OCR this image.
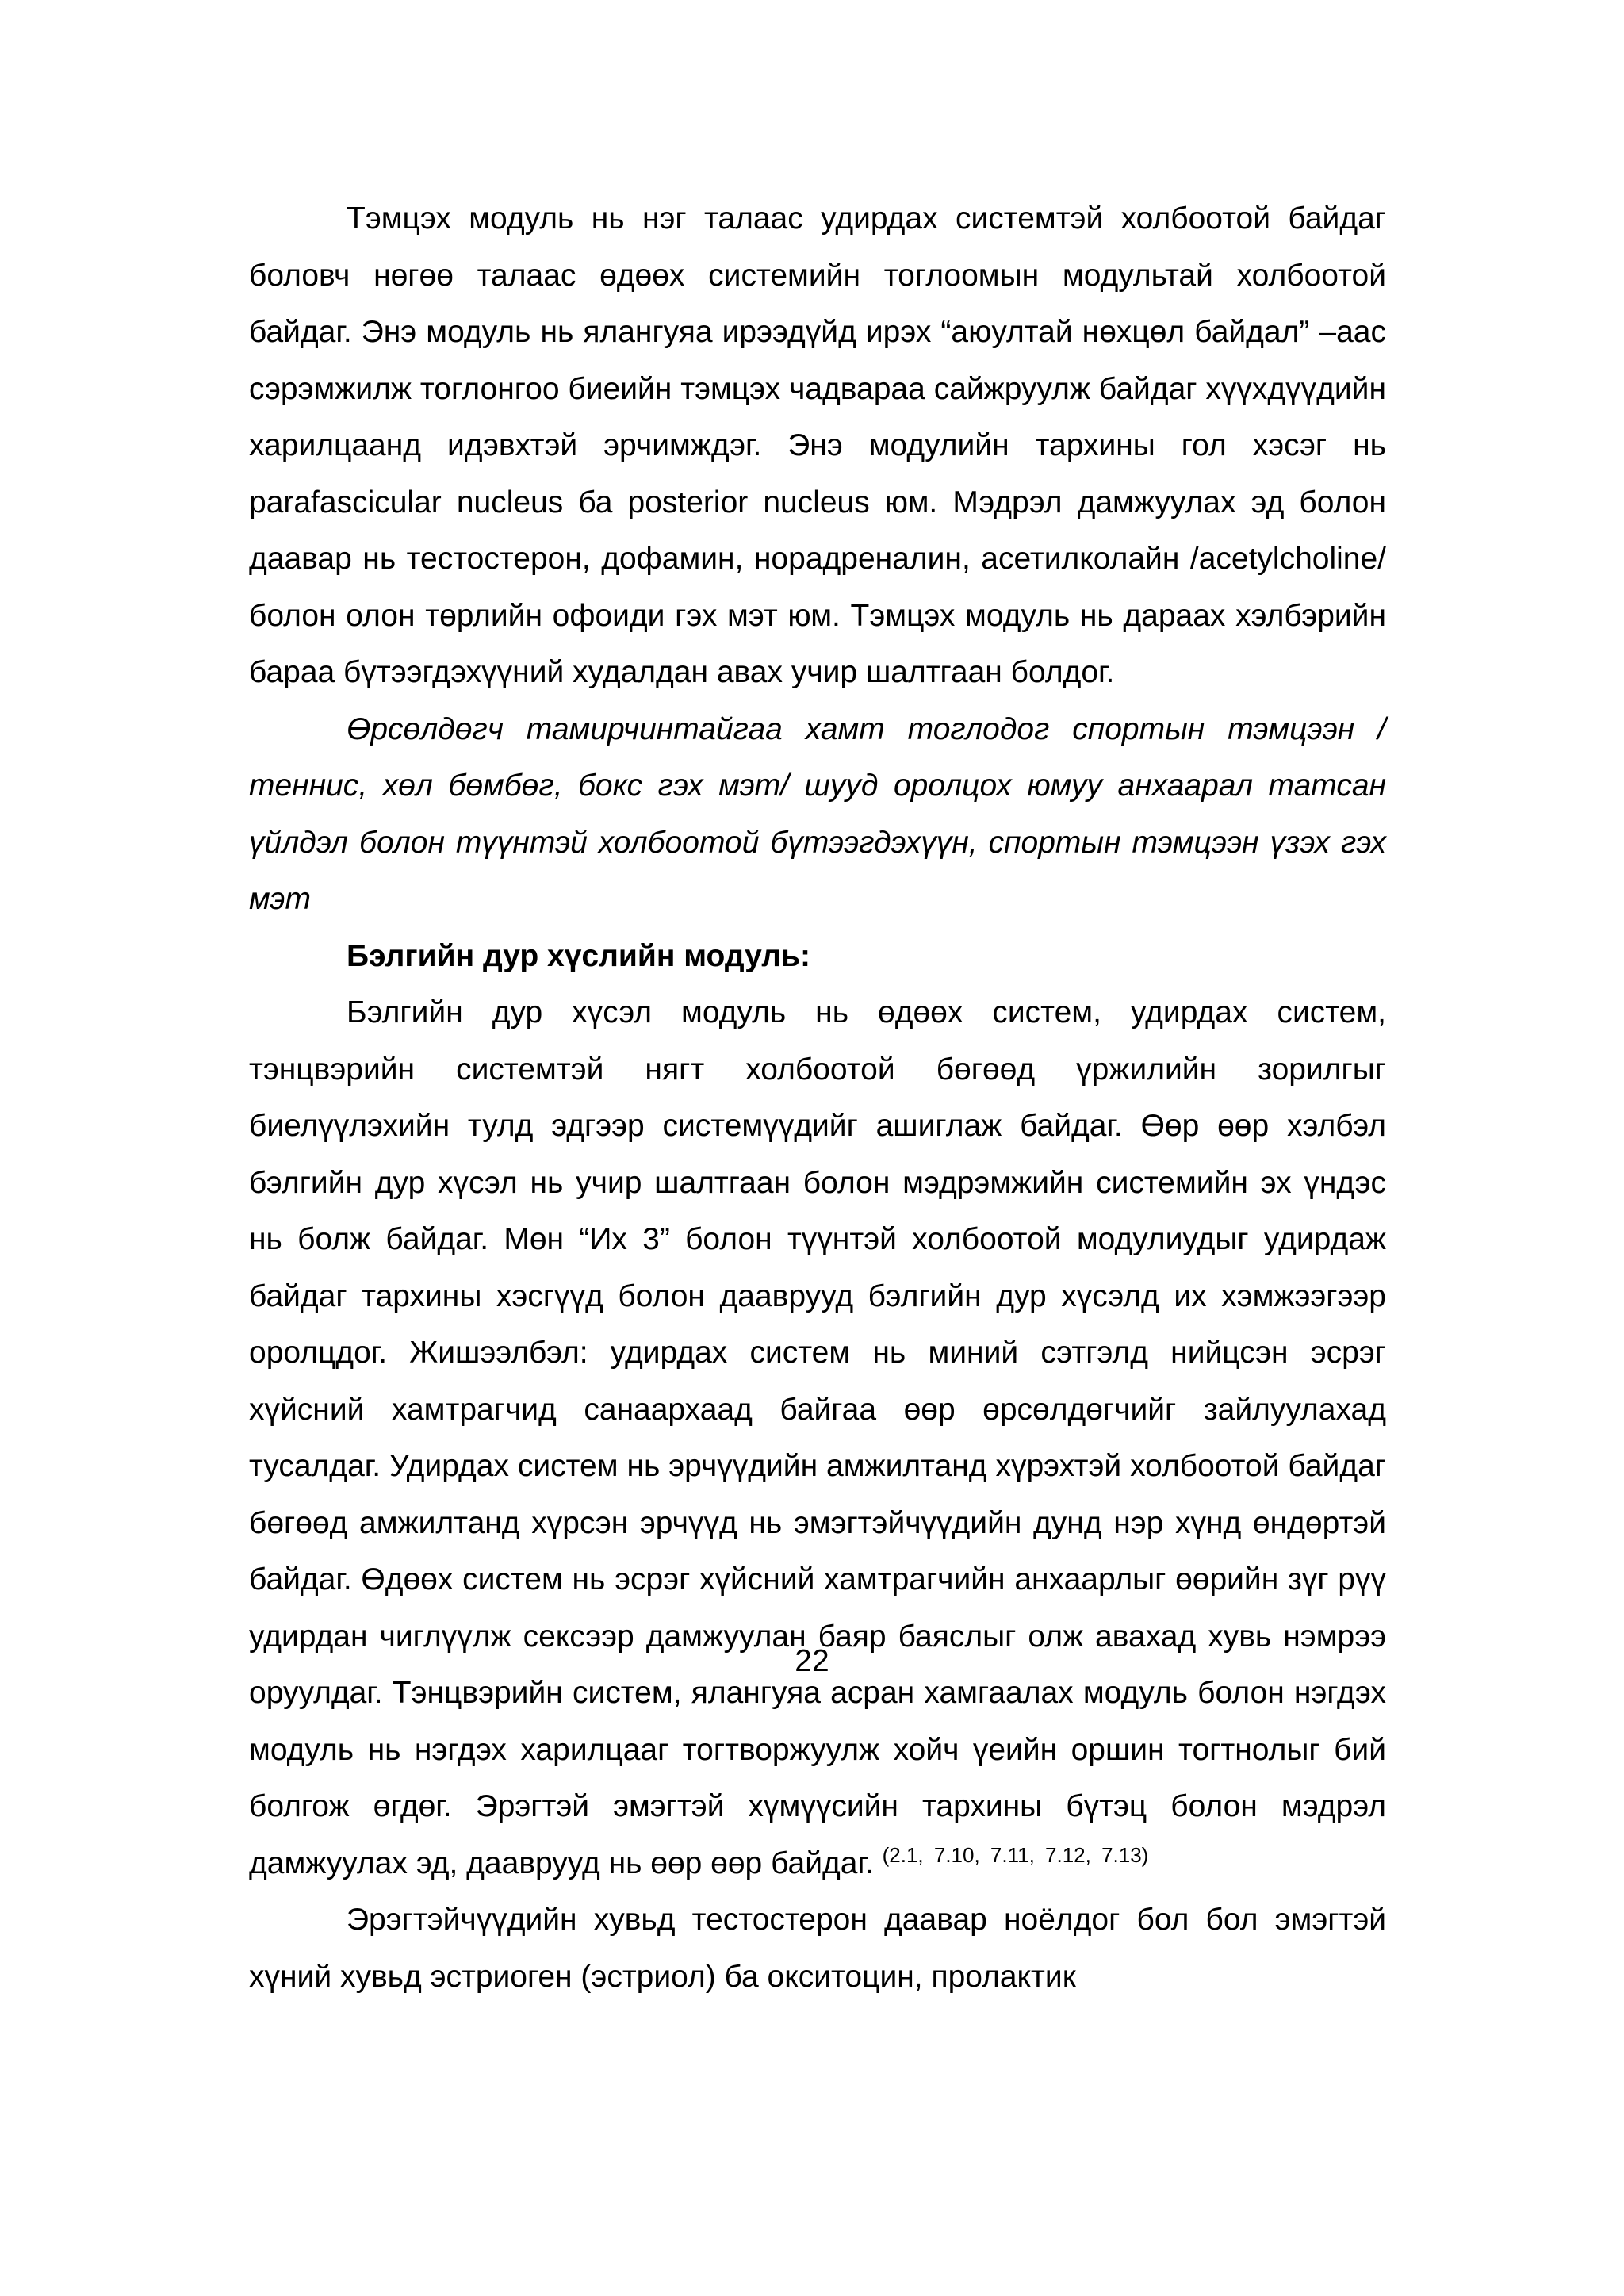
Тэмцэх модуль нь нэг талаас удирдах системтэй холбоотой байдаг боловч нөгөө талаас өдөөх системийн тоглоомын модультай холбоотой байдаг. Энэ модуль нь ялангуяа ирээдүйд ирэх “аюултай нөхцөл байдал” –аас сэрэмжилж тоглонгоо биеийн тэмцэх чадвараа сайжруулж байдаг хүүхдүүдийн харилцаанд идэвхтэй эрчимждэг. Энэ модулийн тархины гол хэсэг нь parafascicular nucleus ба posterior nucleus юм. Мэдрэл дамжуулах эд болон даавар нь тестостерон, дофамин, норадреналин, асетилколайн /acetylcholine/ болон олон төрлийн офоиди гэх мэт юм. Тэмцэх модуль нь дараах хэлбэрийн бараа бүтээгдэхүүний худалдан авах учир шалтгаан болдог.

Өрсөлдөгч тамирчинтайгаа хамт тоглодог спортын тэмцээн /теннис, хөл бөмбөг, бокс гэх мэт/ шууд оролцох юмуу анхаарал татсан үйлдэл болон түүнтэй холбоотой бүтээгдэхүүн, спортын тэмцээн үзэх гэх мэт

Бэлгийн дур хүслийн модуль:

Бэлгийн дур хүсэл модуль нь өдөөх систем, удирдах систем, тэнцвэрийн системтэй нягт холбоотой бөгөөд үржилийн зорилгыг биелүүлэхийн тулд эдгээр системүүдийг ашиглаж байдаг. Өөр өөр хэлбэл бэлгийн дур хүсэл нь учир шалтгаан болон мэдрэмжийн системийн эх үндэс нь болж байдаг. Мөн “Их 3” болон түүнтэй холбоотой модулиудыг удирдаж байдаг тархины хэсгүүд болон дааврууд бэлгийн дур хүсэлд их хэмжээгээр оролцдог. Жишээлбэл: удирдах систем нь миний сэтгэлд нийцсэн эсрэг хүйсний хамтрагчид санаархаад байгаа өөр өрсөлдөгчийг зайлуулахад тусалдаг. Удирдах систем нь эрчүүдийн амжилтанд хүрэхтэй холбоотой байдаг бөгөөд амжилтанд хүрсэн эрчүүд нь эмэгтэйчүүдийн дунд нэр хүнд өндөртэй байдаг. Өдөөх систем нь эсрэг хүйсний хамтрагчийн анхаарлыг өөрийн зүг рүү удирдан чиглүүлж сексээр дамжуулан баяр баяслыг олж авахад хувь нэмрээ оруулдаг. Тэнцвэрийн систем, ялангуяа асран хамгаалах модуль болон нэгдэх модуль нь нэгдэх харилцааг тогтворжуулж хойч үеийн оршин тогтнолыг бий болгож өгдөг. Эрэгтэй эмэгтэй хүмүүсийн тархины бүтэц болон мэдрэл дамжуулах эд, дааврууд нь өөр өөр байдаг. $^{(2.1, 7.10, 7.11, 7.12, 7.13)}$

Эрэгтэйчүүдийн хувьд тестостерон даавар ноёлдог бол бол эмэгтэй хүний хувьд эстриоген (эстриол) ба окситоцин, пролактик

22
